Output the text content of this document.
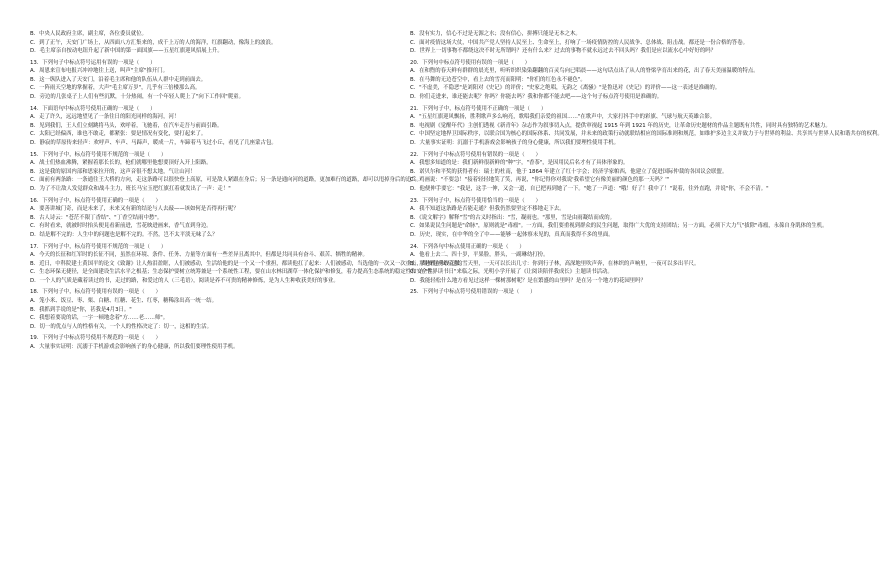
B．中央人民政府主席，副主席，各位委员就位。
C．到了正午，天安门广场上，从四面八方汇集来的，成千上万的人的海洋，红旗翻动，像海上的波浪。
D．毛主席亲自按动电钮升起了新中国的第一面国旗——五星红旗迎风招展上升。
13．下列句子中标点符号运用有误的一项是（　　）
A．周恩来宣布电报兴冲冲地往上送，叫声"主席"推开门。
B．这一纵队进入了天安门，沿着毛主席和他的队伍从人群中走到前面去。
C．一阵雨天空地的掌握着，大声"毛主席万岁"，几乎有三倍楼那么高。
D．旁边的几张桌子上人们有些沉默，十分热闹，有一个年轻人爬上了"向下工作回"爬童。
14．下面语句中标点符号使用正确的一项是（　　）
A．走了许久，远远地望见了一条往日的阳光同样的海河，河！
B．见到我们，王人们立刻跳将马头，欢呼着，飞驰着，在汽车走吾与前面引路。
C．太阳已经偏西，谁也不敢走，都紧张：要是情况有变化，要打起来了。
D．静寂的草原传来轻声：欢呼声、车声、马蹄声，暖成一片，车蹄着马飞过小丘，看见了几座蒙古包。
15．下列句子中，标点符号使用不规范的一项是（　　）
A．战士们热血沸腾，紧握着那长长的，枪们就哪里他想要顶好入开上阳路。
B．这是我的原国内部和思家拉开的，这声音很不想太地，气让山河！
C．面前有两条路：一条通往王大桥的方向，走这条路可以很快登上高原，可是敌人紧跟在身后；另一条是通向河的道路，更加难行的道路，却可以甩掉身后的追兵。
D．为了不让敌人发觉群众和战斗主力，班长马宝玉把红旗扛着就发出了一声：走！"
16．下列句子中，标点符号使用正确的一项是（　　）
A．要善讲城门奇，而是未来了，未来又有新的结论与人去敲——该如何是否得再行呢？
B．古人诗云："苍茫不限丁香结"、"丁香空结雨中愁"。
C．有时看来，就被时时抬头便見看新前进，雪花映进画來，香气直到身边。
D．结是解不完的：人生中的问题也是解不完的。不然，岂不太平淡无味了么？
17．下列句子中，标点符号使用不规范的一项是（　　）
A．今天的长征和红军时的长征不同，虽然在环境、条件、任务、力量等方面有一些差异且离其中，但都是共同具有奋斗、艰苦、牺牲的精神。
B．近日，中科院建士黄国平的论文《致谢》让人热泪盈眶，人们被感动，生活给他的是一个又一个重担，都读他扛了起来：人们被感动，当选他的一次又一次重击，都被他勇敢克服。
C．生态环保无捷径，是全面建设生活水平之根基；生态保护要树立统筹兼是一个系统性工程，要在山水林田湖草一体化保护和修复，着力提高生态系统的稳定性和安全性。
D．一个人的气质是藏着读过的书，走过的路，和爱过的人（三毛语），阅读是养不可贵的精神修炼，是为人生种收获美好的事业。
18．下列句子中，标点符号使用有误的一项是（　　）
A．笼小米、饭豆、枣、栗、白糖、红糖、花生、红枣，糖稀涂出高一统一结。
B．我抓到手说的是"你，甚我是4月3日。"
C．我想着要说的话，一字一顿地念着"方……老……师"。
D．切一的优点与人的性格有关，一个人的性格决定了：切一，这相的生活。
19．下列句子中标点符号使用不规范的一项是（　　）
A．大量事实证明：沉溺于手机游戏会影响孩子的身心健康，所以我们要理性使用手机。
B．没有实力，信心不过是无源之水；没有信心，拼搏只能是无本之木。
C．面对疫情这场大仗，中国共产党人坚持人民至上、生命至上，打响了一场疫情防控的人民战争、总体战、阻击战。都还是一份合格的答卷。
D．世界上一切事物不都绕这决不时无所谓吗？还有什么来？过去的事物不就永远过去不回头吗？我们是应以流水心中好好的吗？
20．下列句中标点符号使用有误的一项是（　　）
A．在和煦的春天鲜有群群的晨光里，听听织织染染翻翻的百灵鸟向已唱晨——这句话点出了从人的脊梁孕育出来的花，出了春天美丽温暖的特点。
B．在马舞的无边苍空中，看上去的雪亮而阳明："你们的红色永不褪色"。
C．"不虚美，不隐恶"是刘阳对《史记》的评价；"史家之绝唱，无韵之《离骚》"是鲁迅对《史记》的评价——这一表述是准确的。
D．你们走进来，谁还能去呢？你吗？你能去吗？我和你都不能去吧——这个句子标点符号使用是准确的。
21．下列句子中，标点符号使用不正确的一项是（　　）
A．"五星红旗迎风飘扬，胜利歌声多么响亮，歌唱我们亲爱的祖国……"在歌声中，大家打抖手中的彩旗、气球与航天英雄合影。
B．电视剧《觉醒年代》主创们透视《新青年》杂志作为叙事切入点，提供审视起 1915 年到 1921 年的历史，让革命历史题材的作品主题既有共性，同时具有独特的艺术魅力。
C．中国坚定地捍卫国际秩序，以联合国为核心的国际体系、共同发展，并未来的政策行动就联结相应的国际准则和规范，如维护多边主义并致力于与世界的利益、共享其与世界人民和谐共存的权利。
D．大量事实证明：沉溺于手机游戏会影响孩子的身心健康，所以我们要理性使用手机。
22．下列句子中标点符号使用有错误的一项是（　　）
A．我想多知道的是：我们新鲜很新鲜的"种"字，"香茶"，是因用民后名才有了具体形象的。
B．诺贝尔和平奖的获得者有：瑞士的杜南，他于 1864 年建立了红十字会；经济学家帕西，他建立了促进国际仲裁的各国议会联盟。
C．鸡画说："不要急！"接着轻轻地笑了笑，再说，"你记得你对我说'我希望它有像美丽的颜色的那一天吗？'"
D．他便伸手要它："我是，这手一伸，又会一道，自已把再到她了一下。"她了一声道："哦！好了！我中了！"说着，往外直跑，并说"你，不会不清。"
23．下列句子中，标点符号使用恰当的一项是（　　）
A．我不知道这条路是否能走通？但我仍然要坚定不移地走下去。
B．《说文解字》解释"雪"的古义时指出："雪，凝雨也。"那里，雪是由雨凝结而成的。
C．如果说民生问题是"命脉"，原则就是"毒瘤"。一方面，我们要重视到群众的民生问题，取得广大优的支持团结；另一方面，必须下大力气"拔除"毒瘤，永葆自身肌体的生机。
D．历史，现实，在中华的全了中——能够一起体察未见的，真真而我得不多的里面。
24．下列各句中标点使用正确的一项是（　　）
A．他看上去二、四十岁，平果脸，胖头，一副琳幼打扮。
B．那老鸦在秋天过的雪天里，一天可以长出几寸：你到行子林，高深地里吹声奔，在林织的声响里，一夜可以多出半尺。
C．在"世界读书日"来临之际，光明小学开展了《让阅读陪伴我成长》主题读书活动。
D．我能轻松什么地方看见过这样一棵树那树呢？是在繁盛的山里吗？是在另一个地方的花园里吗？
25．下列句子中标点符号使用错误的一项是（　　）
